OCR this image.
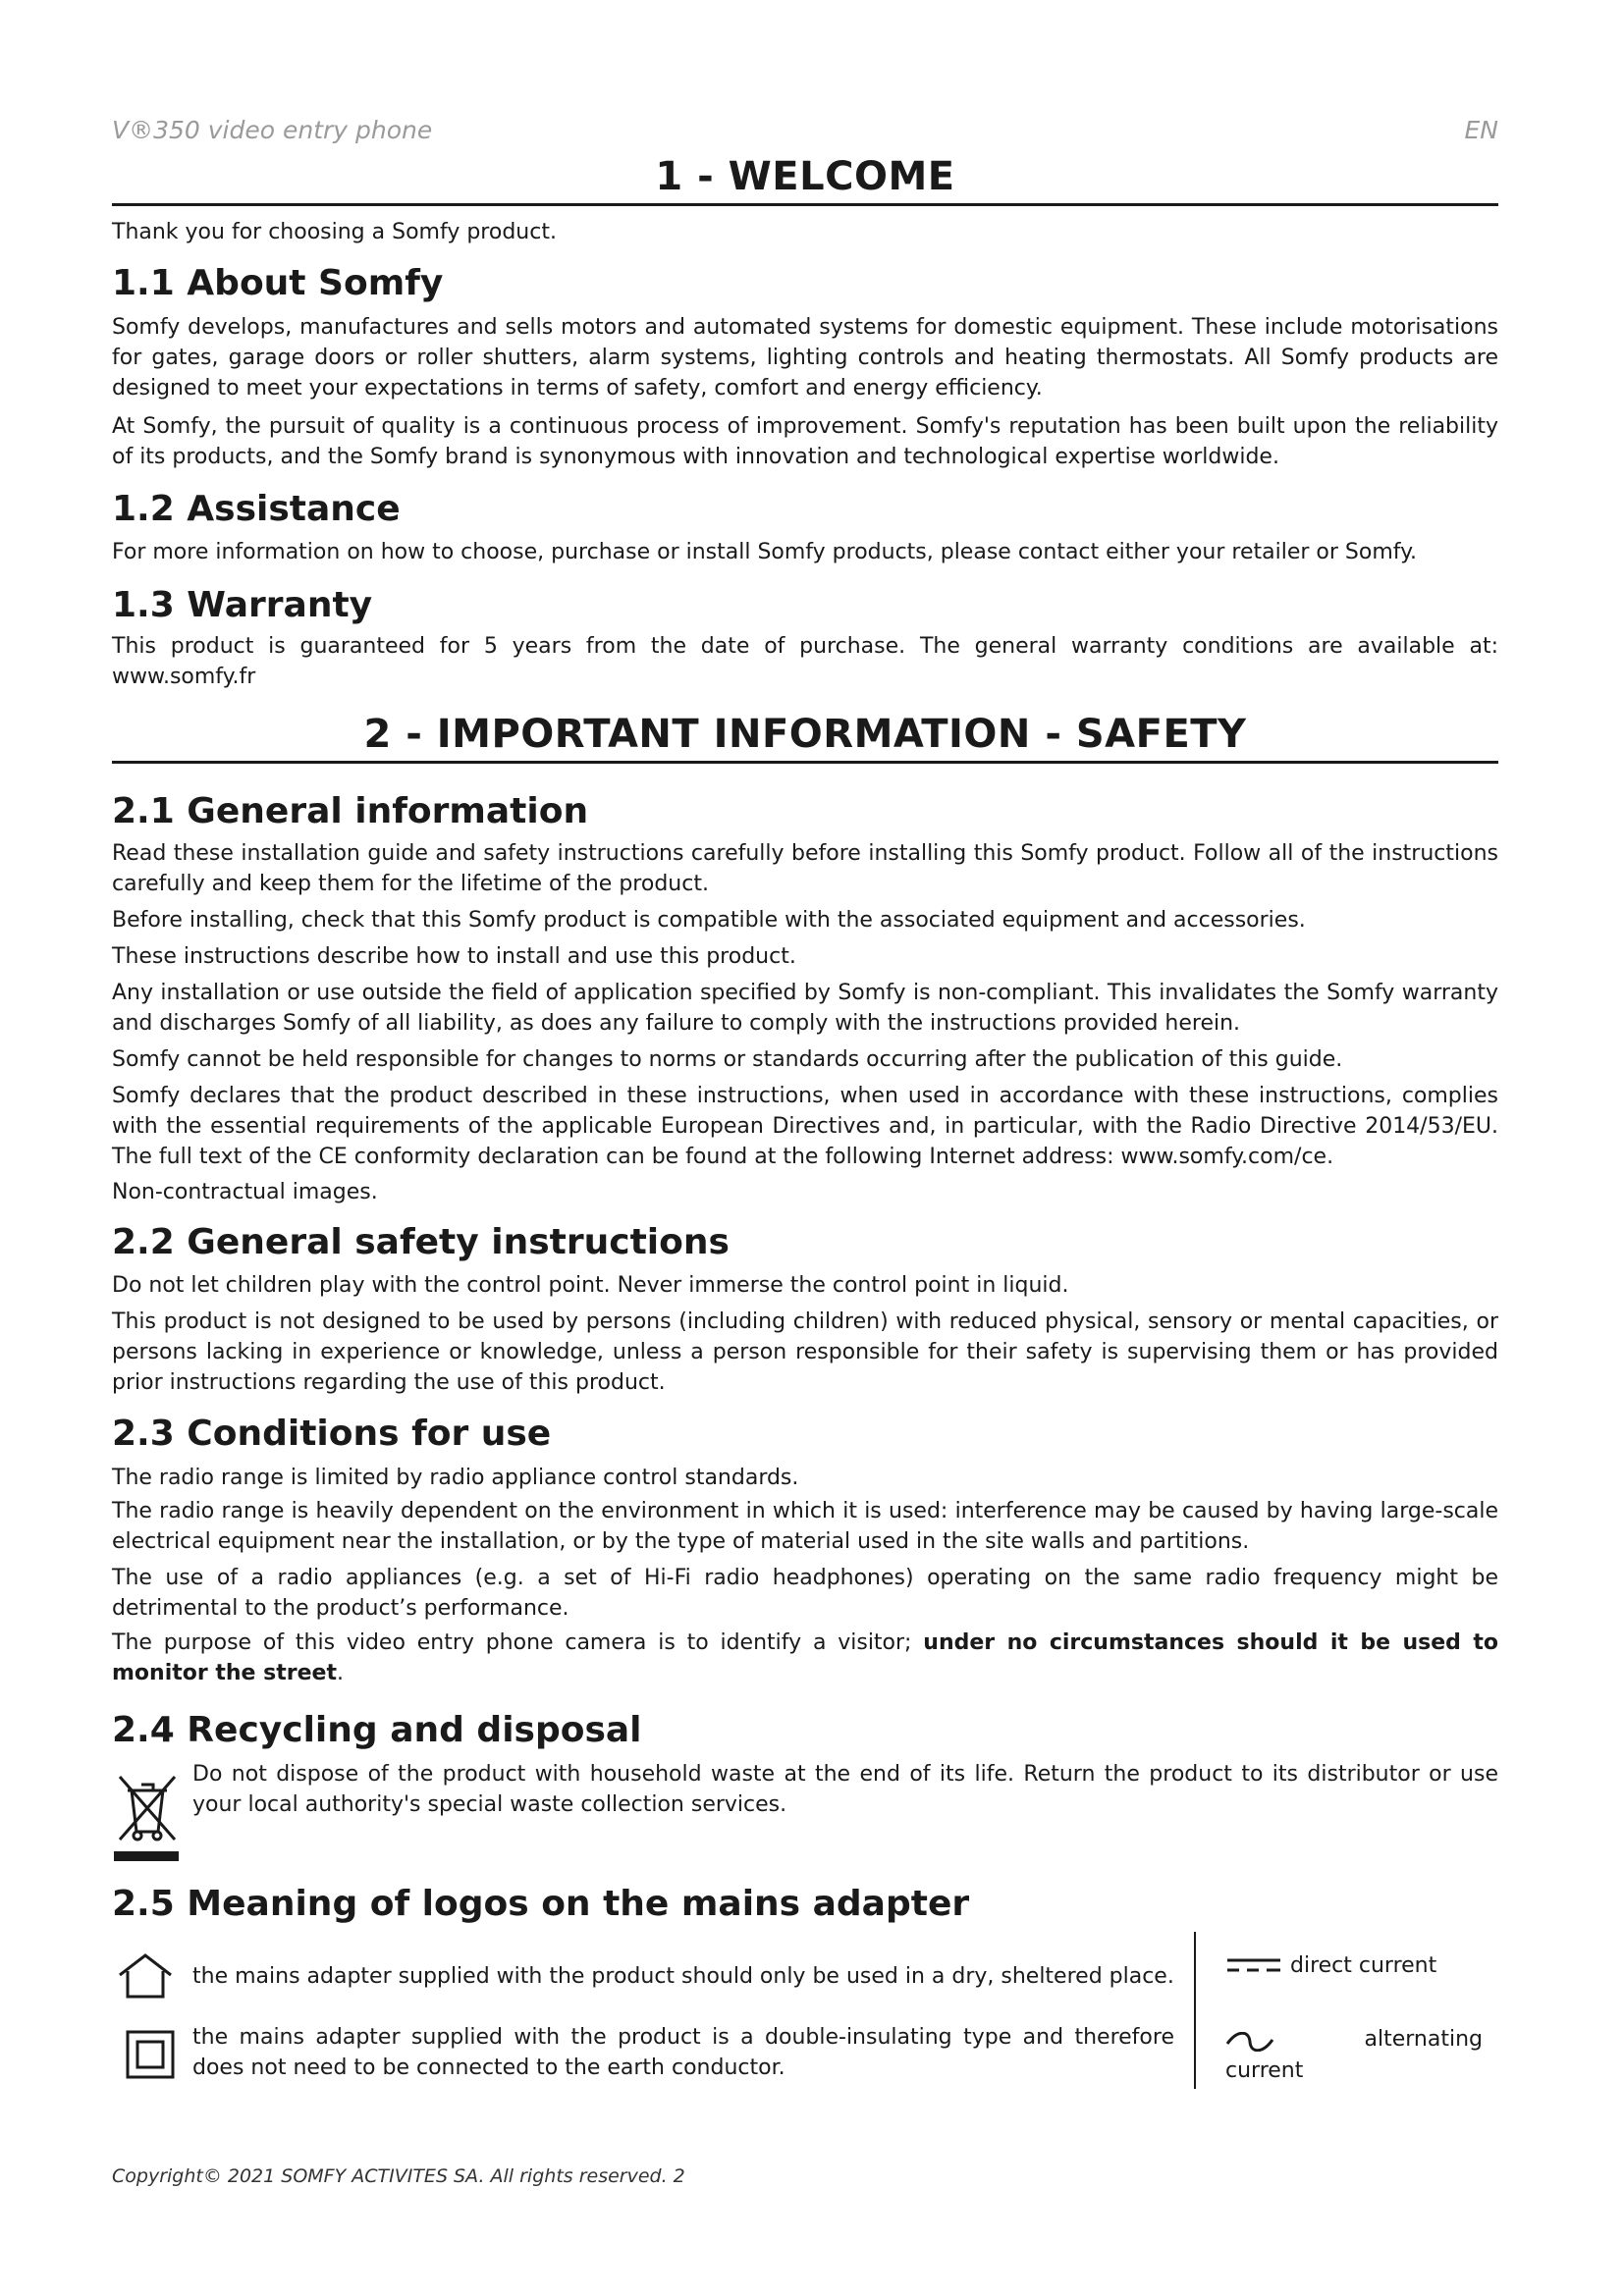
V®350 video entry phone	EN
1 - WELCOME
Thank you for choosing a Somfy product.
1.1 About Somfy
Somfy develops, manufactures and sells motors and automated systems for domestic equipment. These include motorisations for gates, garage doors or roller shutters, alarm systems, lighting controls and heating thermostats. All Somfy products are designed to meet your expectations in terms of safety, comfort and energy efficiency.
At Somfy, the pursuit of quality is a continuous process of improvement. Somfy's reputation has been built upon the reliability of its products, and the Somfy brand is synonymous with innovation and technological expertise worldwide.
1.2 Assistance
For more information on how to choose, purchase or install Somfy products, please contact either your retailer or Somfy.
1.3 Warranty
This product is guaranteed for 5 years from the date of purchase. The general warranty conditions are available at: www.somfy.fr
2 - IMPORTANT INFORMATION - SAFETY
2.1 General information
Read these installation guide and safety instructions carefully before installing this Somfy product. Follow all of the instructions carefully and keep them for the lifetime of the product.
Before installing, check that this Somfy product is compatible with the associated equipment and accessories.
These instructions describe how to install and use this product.
Any installation or use outside the field of application specified by Somfy is non-compliant. This invalidates the Somfy warranty and discharges Somfy of all liability, as does any failure to comply with the instructions provided herein.
Somfy cannot be held responsible for changes to norms or standards occurring after the publication of this guide.
Somfy declares that the product described in these instructions, when used in accordance with these instructions, complies with the essential requirements of the applicable European Directives and, in particular, with the Radio Directive 2014/53/EU. The full text of the CE conformity declaration can be found at the following Internet address: www.somfy.com/ce.
Non-contractual images.
2.2 General safety instructions
Do not let children play with the control point. Never immerse the control point in liquid.
This product is not designed to be used by persons (including children) with reduced physical, sensory or mental capacities, or persons lacking in experience or knowledge, unless a person responsible for their safety is supervising them or has provided prior instructions regarding the use of this product.
2.3 Conditions for use
The radio range is limited by radio appliance control standards.
The radio range is heavily dependent on the environment in which it is used: interference may be caused by having large-scale electrical equipment near the installation, or by the type of material used in the site walls and partitions.
The use of a radio appliances (e.g. a set of Hi-Fi radio headphones) operating on the same radio frequency might be detrimental to the product’s performance.
The purpose of this video entry phone camera is to identify a visitor; under no circumstances should it be used to monitor the street.
2.4 Recycling and disposal
Do not dispose of the product with household waste at the end of its life. Return the product to its distributor or use your local authority's special waste collection services.
2.5 Meaning of logos on the mains adapter
the mains adapter supplied with the product should only be used in a dry, sheltered place.
the mains adapter supplied with the product is a double-insulating type and therefore does not need to be connected to the earth conductor.
direct current
alternating
current
Copyright© 2021 SOMFY ACTIVITES SA. All rights reserved. 2
